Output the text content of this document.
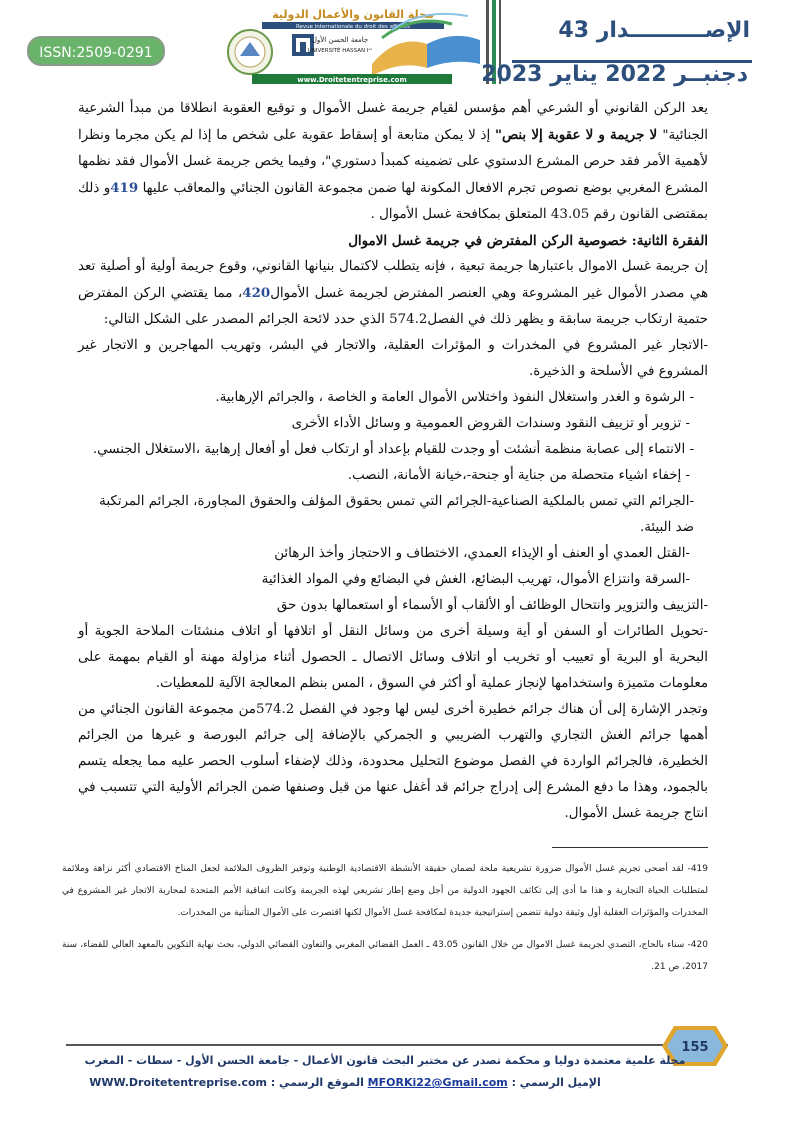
ISSN:2509-0291
مجلة القانون والأعمال الدولية
Revue internationale du droit des affaires
جامعة الحسن الأول
UNIVERSITÉ HASSAN Iᵉʳ
www.Droitetentreprise.com
الإصــــــــــدار 43
دجنبــر 2022 يناير 2023

يعد الركن القانوني أو الشرعي أهم مؤسس لقيام جريمة غسل الأموال و توقيع العقوبة انطلاقا من مبدأ الشرعية الجنائية" لا جريمة و لا عقوبة إلا بنص" إذ لا يمكن متابعة أو إسقاط عقوبة على شخص ما إذا لم يكن مجرما ونظرا لأهمية الأمر فقد حرص المشرع الدستوي على تضمينه كمبدأ دستوري"، وفيما يخص جريمة غسل الأموال فقد نظمها المشرع المغربي بوضع نصوص تجرم الافعال المكونة لها ضمن مجموعة القانون الجنائي والمعاقب عليها 419و ذلك بمقتضى القانون رقم 43.05 المتعلق بمكافحة غسل الأموال .

الفقرة الثانية: خصوصية الركن المفترض في جريمة غسل الاموال

إن جريمة غسل الاموال باعتبارها جريمة تبعية ، فإنه يتطلب لاكتمال بنيانها القانوني، وقوع جريمة أولية أو أصلية تعد هي مصدر الأموال غير المشروعة وهي العنصر المفترض لجريمة غسل الأموال420، مما يقتضي الركن المفترض حتمية ارتكاب جريمة سابقة و يظهر ذلك في الفصل574.2 الذي حدد لائحة الجرائم المصدر على الشكل التالي:

-الاتجار غير المشروع في المخدرات و المؤثرات العقلية، والاتجار في البشر، وتهريب المهاجرين و الاتجار غير المشروع في الأسلحة و الذخيرة.

- الرشوة و الغدر واستغلال النفوذ واختلاس الأموال العامة و الخاصة ، والجرائم الإرهابية.

- تزوير أو تزييف النقود وسندات القروض العمومية و وسائل الأداء الأخرى

- الانتماء إلى عصابة منظمة أنشئت أو وجدت للقيام بإعداد أو ارتكاب فعل أو أفعال إرهابية ،الاستغلال الجنسي.

- إخفاء اشياء متحصلة من جناية أو جنحة-،خيانة الأمانة، النصب.

-الجرائم التي تمس بالملكية الصناعية-الجرائم التي تمس بحقوق المؤلف والحقوق المجاورة، الجرائم المرتكبة ضد البيئة.

-القتل العمدي أو العنف أو الإيذاء العمدي، الاختطاف و الاحتجاز وأخذ الرهائن

-السرقة وانتزاع الأموال، تهريب البضائع، الغش في البضائع وفي المواد الغذائية

-التزييف والتزوير وانتحال الوظائف أو الألقاب أو الأسماء أو استعمالها بدون حق

-تحويل الطائرات أو السفن أو أية وسيلة أخرى من وسائل النقل أو اتلافها أو اتلاف منشئات الملاحة الجوية أو البحرية أو البرية أو تعييب أو تخريب أو اتلاف وسائل الاتصال ـ الحصول أثناء مزاولة مهنة أو القيام بمهمة على معلومات متميزة واستخدامها لإنجاز عملية أو أكثر في السوق ، المس بنظم المعالجة الآلية للمعطيات.

وتجدر الإشارة إلى أن هناك جرائم خطيرة أخرى ليس لها وجود في الفصل 574.2من مجموعة القانون الجنائي من أهمها جرائم الغش التجاري والتهرب الضريبي و الجمركي بالإضافة إلى جرائم البورصة و غيرها من الجرائم الخطيرة، فالجرائم الواردة في الفصل موضوع التحليل محدودة، وذلك لإضفاء أسلوب الحصر عليه مما يجعله يتسم بالجمود، وهذا ما دفع المشرع إلى إدراج جرائم قد أغفل عنها من قبل وصنفها ضمن الجرائم الأولية التي تتسبب في انتاج جريمة غسل الأموال.

419- لقد أضحى تجريم غسل الأموال ضرورة تشريعية ملحة لضمان حقيقة الأنشطة الاقتصادية الوطنية وتوفير الظروف الملائمة لجعل المناخ الاقتصادي أكثر نزاهة وملائمة لمتطلبات الحياة التجارية و هذا ما أدى إلى تكاثف الجهود الدولية من أجل وضع إطار تشريعي لهذه الجريمة وكانت اتفاقية الأمم المتحدة لمحاربة الاتجار غير المشروع في المخدرات والمؤثرات العقلية أول وثيقة دولية تتضمن إستراتيجية جديدة لمكافحة غسل الأموال لكنها اقتصرت على الأموال المتأتية من المخدرات.

420- سناء بالحاج، التصدي لجريمة غسل الاموال من خلال القانون 43.05 ـ العمل القضائي المغربي والتعاون القضائي الدولي، بحث نهاية التكوين بالمعهد العالي للقضاء، سنة 2017، ص 21.

155
مجلة علمية معتمدة دوليا و محكمة تصدر عن مختبر البحث قانون الأعمال - جامعة الحسن الأول - سطات - المغرب
الإميل الرسمي : MFORKi22@Gmail.com الموقع الرسمي : WWW.Droitetentreprise.com
